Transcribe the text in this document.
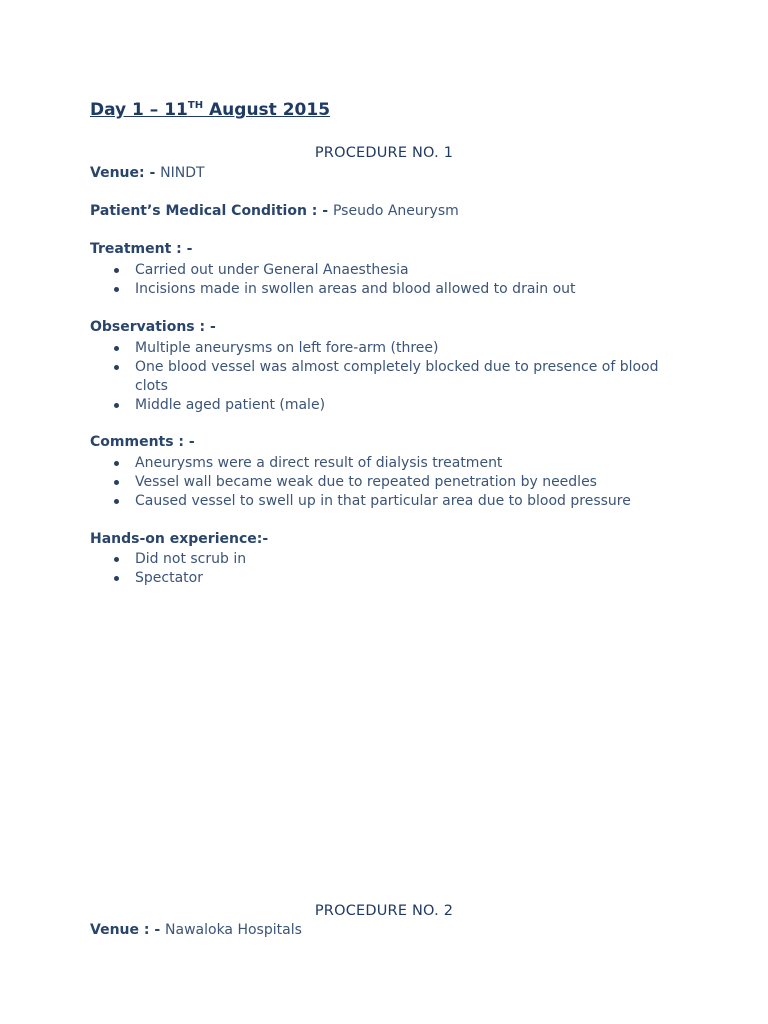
Day 1 – 11TH August 2015
PROCEDURE NO. 1
Venue: - NINDT
Patient’s Medical Condition : - Pseudo Aneurysm
Treatment : -
Carried out under General Anaesthesia
Incisions made in swollen areas and blood allowed to drain out
Observations : -
Multiple aneurysms on left fore-arm (three)
One blood vessel was almost completely blocked due to presence of blood clots
Middle aged patient (male)
Comments : -
Aneurysms were a direct result of dialysis treatment
Vessel wall became weak due to repeated penetration by needles
Caused vessel to swell up in that particular area due to blood pressure
Hands-on experience:-
Did not scrub in
Spectator
PROCEDURE NO. 2
Venue : - Nawaloka Hospitals
